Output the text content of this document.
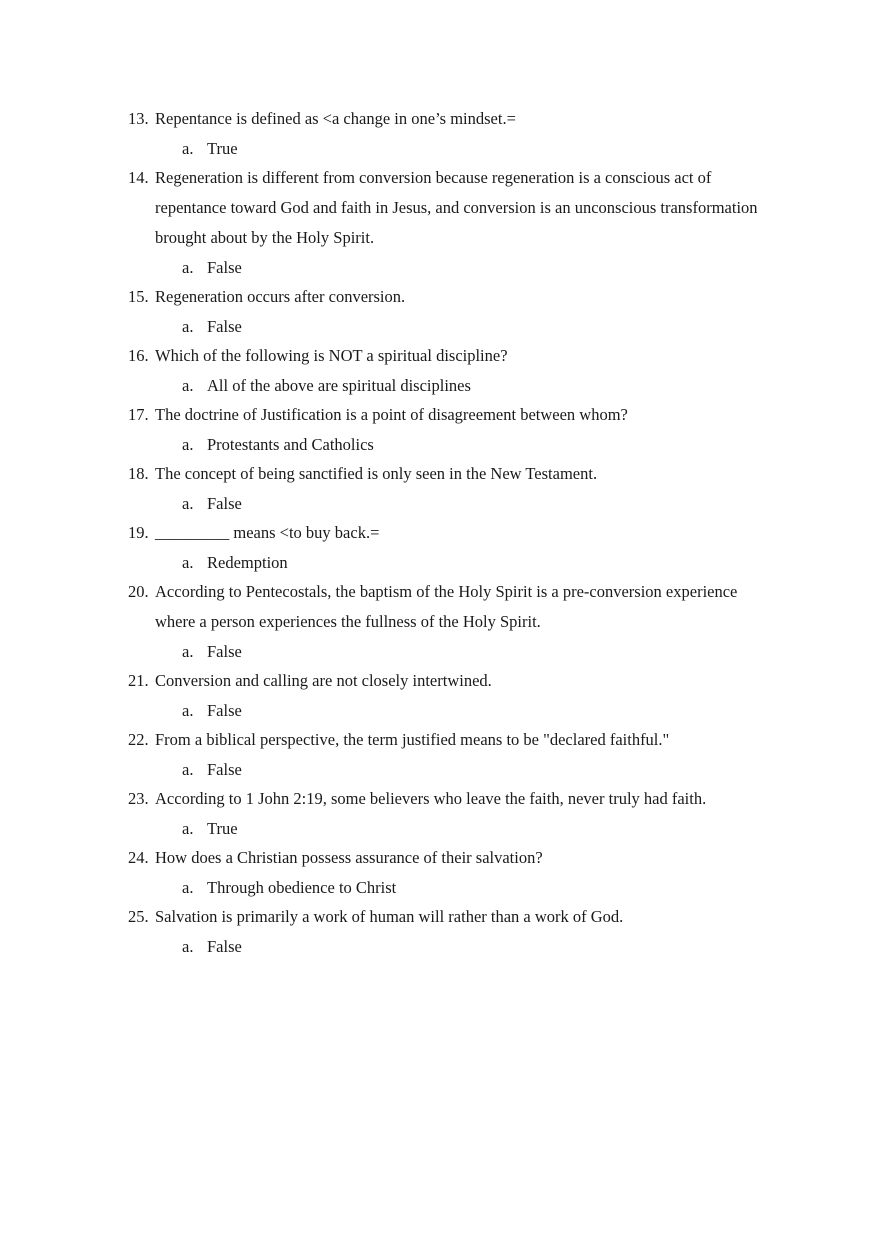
13. Repentance is defined as <a change in one’s mindset.=
a. True
14. Regeneration is different from conversion because regeneration is a conscious act of repentance toward God and faith in Jesus, and conversion is an unconscious transformation brought about by the Holy Spirit.
a. False
15. Regeneration occurs after conversion.
a. False
16. Which of the following is NOT a spiritual discipline?
a. All of the above are spiritual disciplines
17. The doctrine of Justification is a point of disagreement between whom?
a. Protestants and Catholics
18. The concept of being sanctified is only seen in the New Testament.
a. False
19. _________ means <to buy back.=
a. Redemption
20. According to Pentecostals, the baptism of the Holy Spirit is a pre-conversion experience where a person experiences the fullness of the Holy Spirit.
a. False
21. Conversion and calling are not closely intertwined.
a. False
22. From a biblical perspective, the term justified means to be "declared faithful."
a. False
23. According to 1 John 2:19, some believers who leave the faith, never truly had faith.
a. True
24. How does a Christian possess assurance of their salvation?
a. Through obedience to Christ
25. Salvation is primarily a work of human will rather than a work of God.
a. False
